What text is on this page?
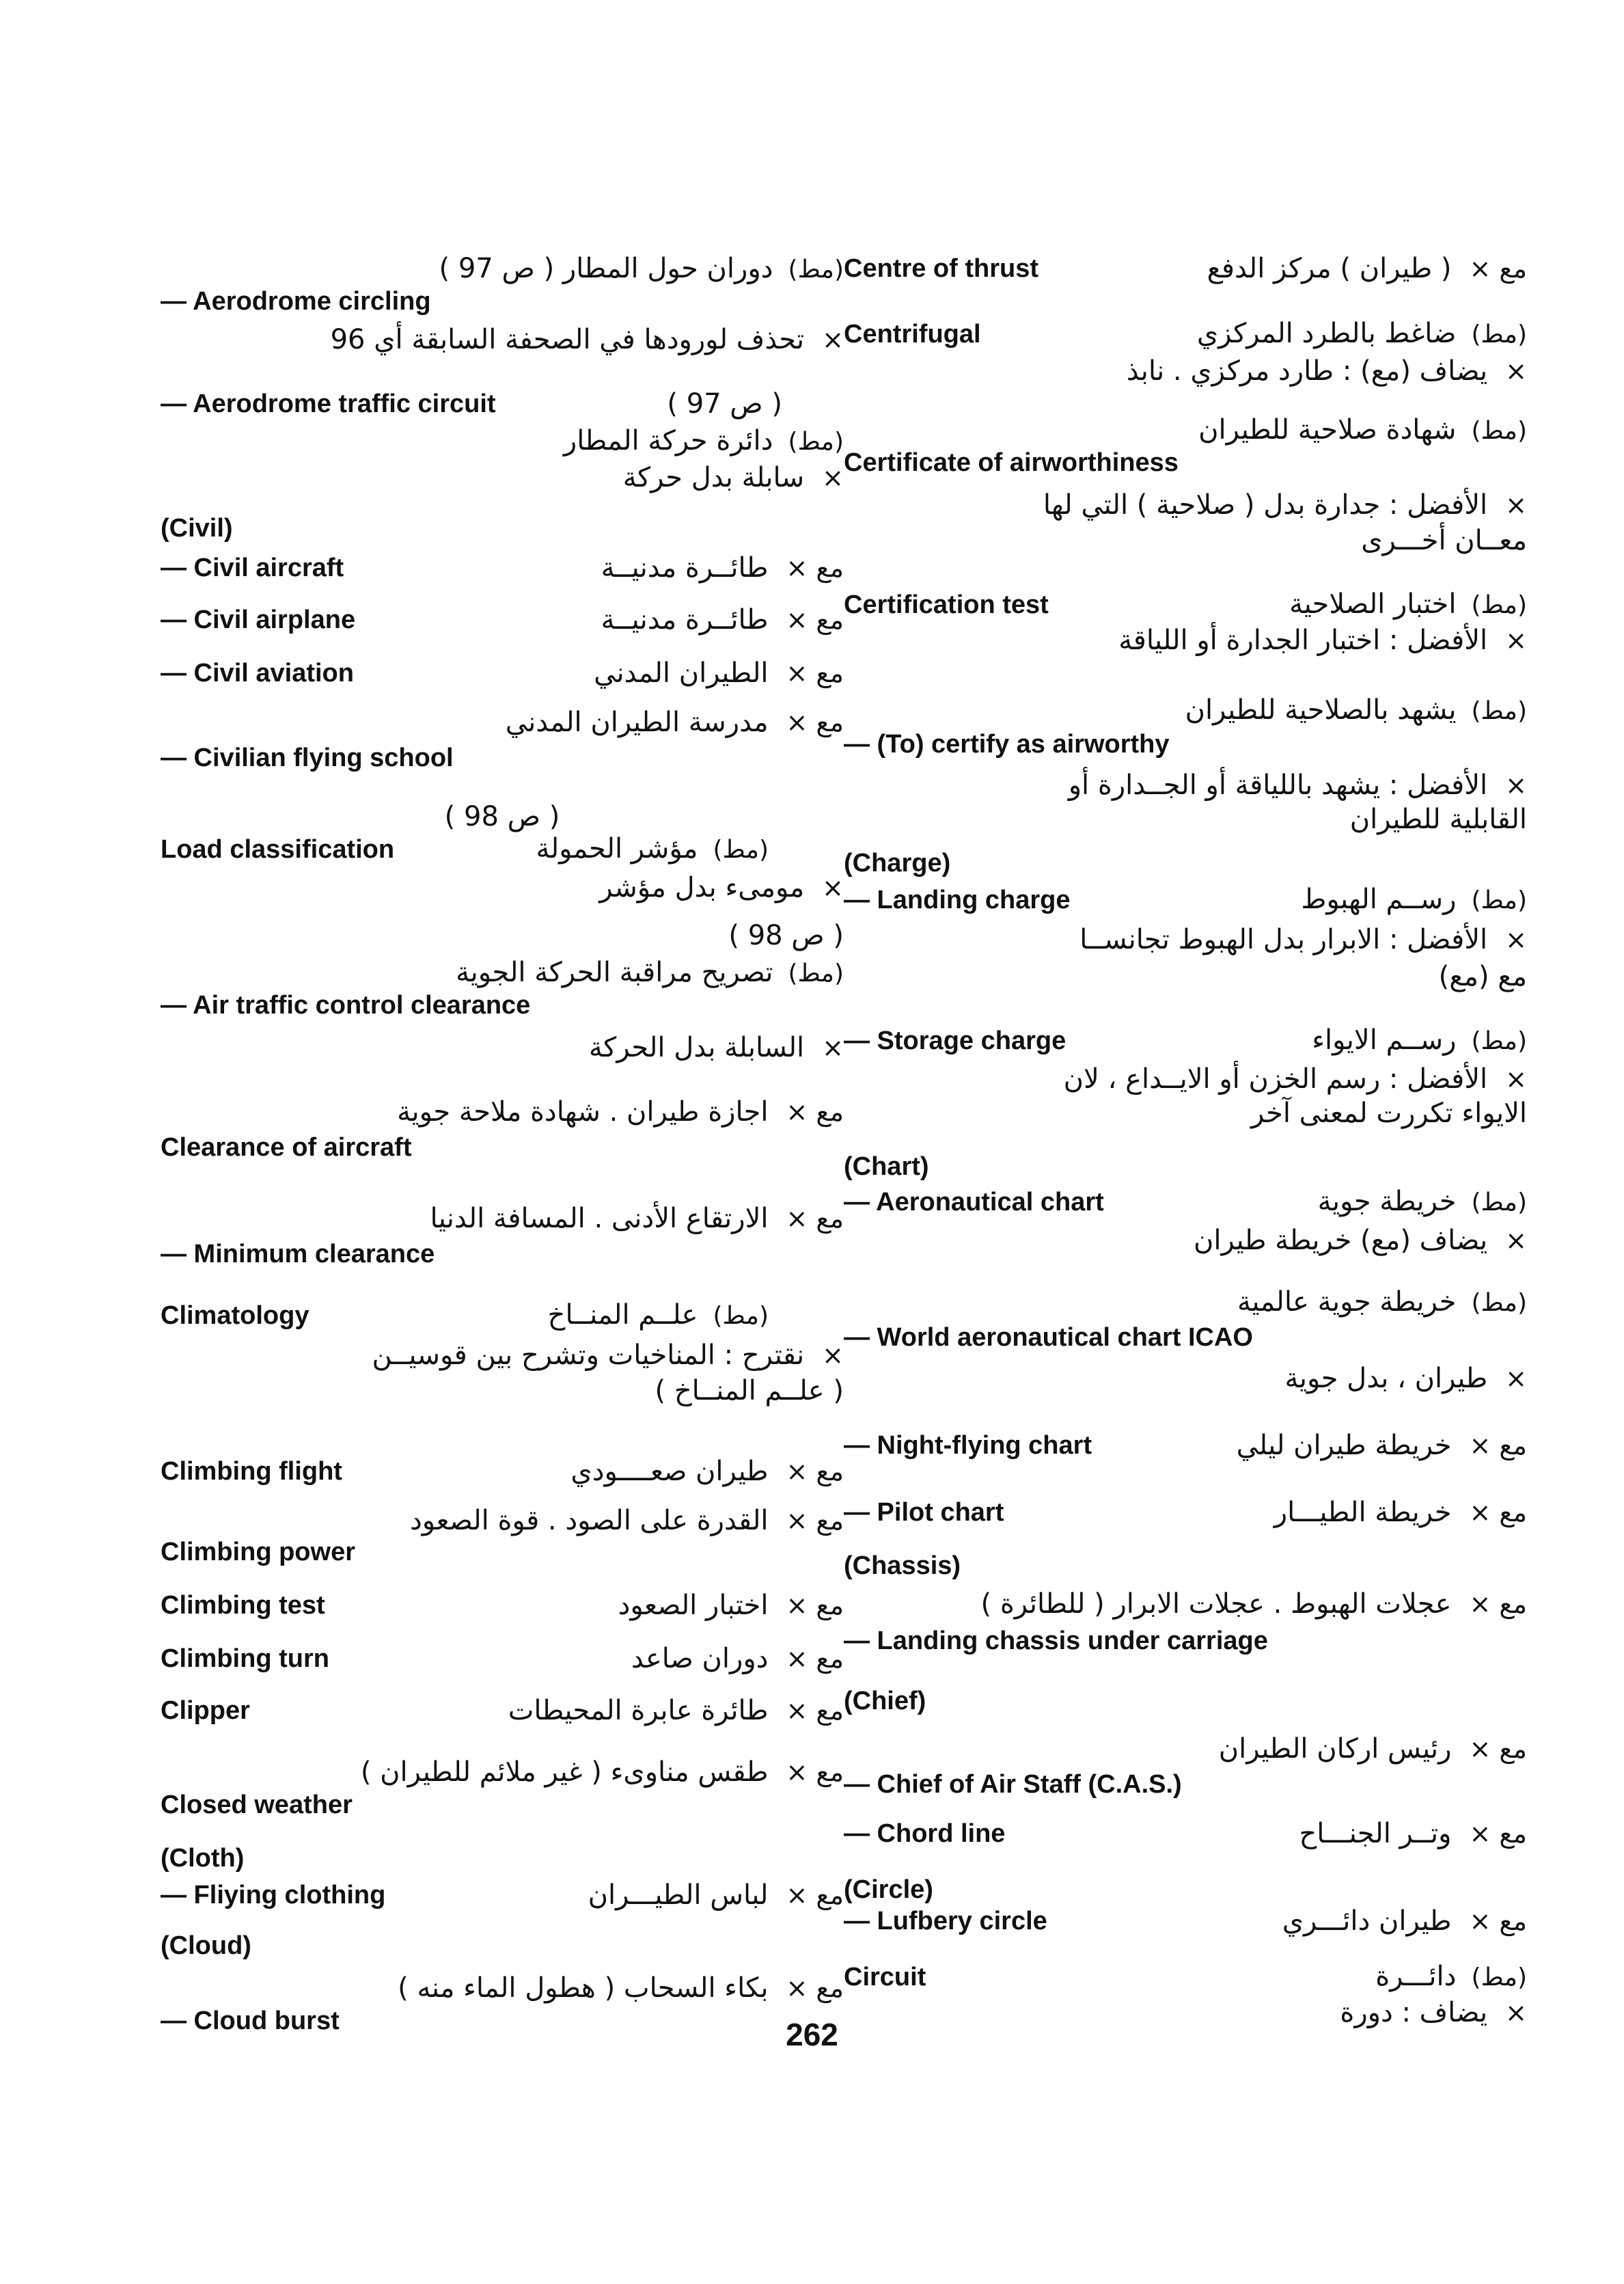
(مط)دوران حول المطار ( ص 97 )
— Aerodrome circling
×تحذف لورودها في الصحفة السابقة أي 96
— Aerodrome traffic circuit	( ص 97 )
(مط)دائرة حركة المطار
×سابلة بدل حركة
(Civil)
— Civil aircraft	مع ×طائــرة مدنيــة
— Civil airplane	مع ×طائــرة مدنيــة
— Civil aviation	مع ×الطيران المدني
مع ×مدرسة الطيران المدني
— Civilian flying school
( ص 98 )
Load classification	(مط)مؤشر الحمولة
×مومىء بدل مؤشر
( ص 98 )
(مط)تصريح مراقبة الحركة الجوية
— Air traffic control clearance
×السابلة بدل الحركة
مع ×اجازة طيران . شهادة ملاحة جوية
Clearance of aircraft
مع ×الارتقاع الأدنى . المسافة الدنيا
— Minimum clearance
Climatology	(مط)علــم المنــاخ
×نقترح : المناخيات وتشرح بين قوسيــن
( علــم المنــاخ )
Climbing flight	مع ×طيران صعــــودي
مع ×القدرة على الصود . قوة الصعود
Climbing power
Climbing test	مع ×اختبار الصعود
Climbing turn	مع ×دوران صاعد
Clipper	مع ×طائرة عابرة المحيطات
مع ×طقس مناوىء ( غير ملائم للطيران )
Closed weather
(Cloth)
— Fliying clothing	مع ×لباس الطيـــران
(Cloud)
مع ×بكاء السحاب ( هطول الماء منه )
— Cloud burst
Centre of thrust	مع ×( طيران ) مركز الدفع
Centrifugal	(مط)ضاغط بالطرد المركزي
×يضاف (مع) : طارد مركزي . نابذ
(مط)شهادة صلاحية للطيران
Certificate of airworthiness
×الأفضل : جدارة بدل ( صلاحية ) التي لها
معــان أخـــرى
Certification test	(مط)اختبار الصلاحية
×الأفضل : اختبار الجدارة أو اللياقة
(مط)يشهد بالصلاحية للطيران
— (To) certify as airworthy
×الأفضل : يشهد باللياقة أو الجــدارة أو
القابلية للطيران
(Charge)
— Landing charge	(مط)رســم الهبوط
×الأفضل : الابرار بدل الهبوط تجانســا
مع (مع)
— Storage charge	(مط)رســم الايواء
×الأفضل : رسم الخزن أو الايــداع ، لان
الايواء تكررت لمعنى آخر
(Chart)
— Aeronautical chart	(مط)خريطة جوية
×يضاف (مع) خريطة طيران
(مط)خريطة جوية عالمية
— World aeronautical chart ICAO
×طيران ، بدل جوية
— Night-flying chart	مع ×خريطة طيران ليلي
— Pilot chart	مع ×خريطة الطيـــار
(Chassis)
مع ×عجلات الهبوط . عجلات الابرار ( للطائرة )
— Landing chassis under carriage
(Chief)
مع ×رئيس اركان الطيران
— Chief of Air Staff (C.A.S.)
— Chord line	مع ×وتــر الجنـــاح
(Circle)
— Lufbery circle	مع ×طيران دائـــري
Circuit	(مط)دائـــرة
×يضاف : دورة
262
